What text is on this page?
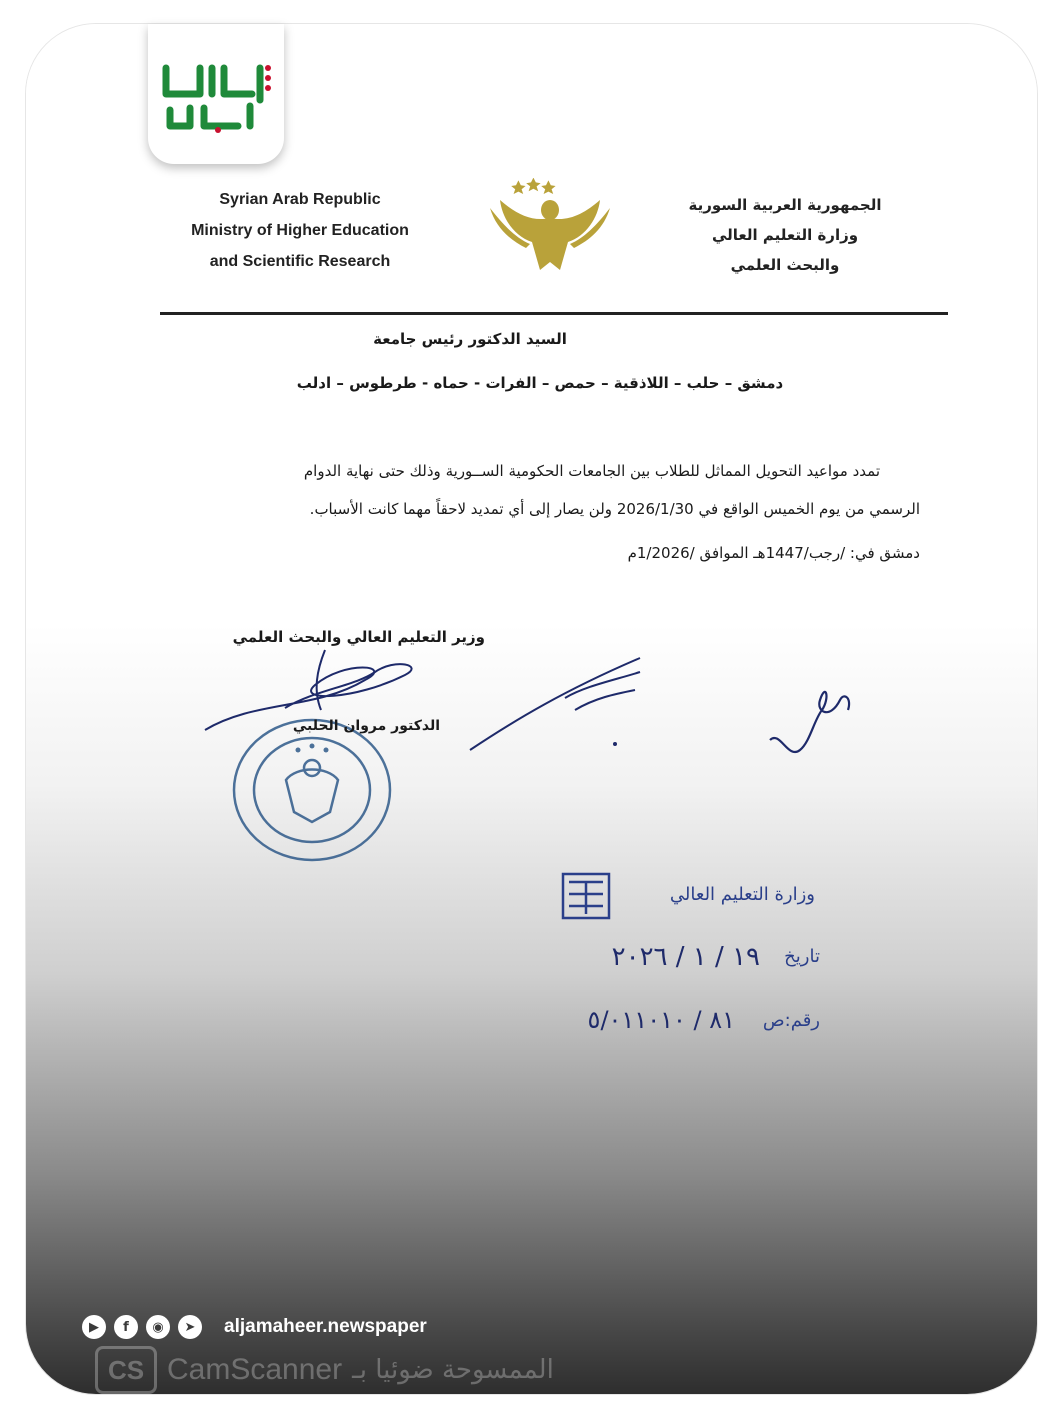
Syrian Arab Republic
Ministry of Higher Education
and Scientific Research
الجمهورية العربية السورية
وزارة التعليم العالي
والبحث العلمي
السيد الدكتور رئيس جامعة
دمشق – حلب – اللاذقية – حمص – الفرات - حماه - طرطوس – ادلب
تمدد مواعيد التحويل المماثل للطلاب بين الجامعات الحكومية الســورية وذلك حتى نهاية الدوام
الرسمي من يوم الخميس الواقع في 2026/1/30 ولن يصار إلى أي تمديد لاحقاً مهما كانت الأسباب.
دمشق في: /رجب/1447هـ الموافق /1/2026م
وزير التعليم العالي والبحث العلمي
الدكتور مروان الحلبي
وزارة التعليم العالي
تاريخ
١٩ / ١ / ٢٠٢٦
رقم:ص
٨١ / ٥/٠١١٠١٠
▶	f	◉	➤	aljamaheer.newspaper
CS CamScanner الممسوحة ضوئيا بـ
